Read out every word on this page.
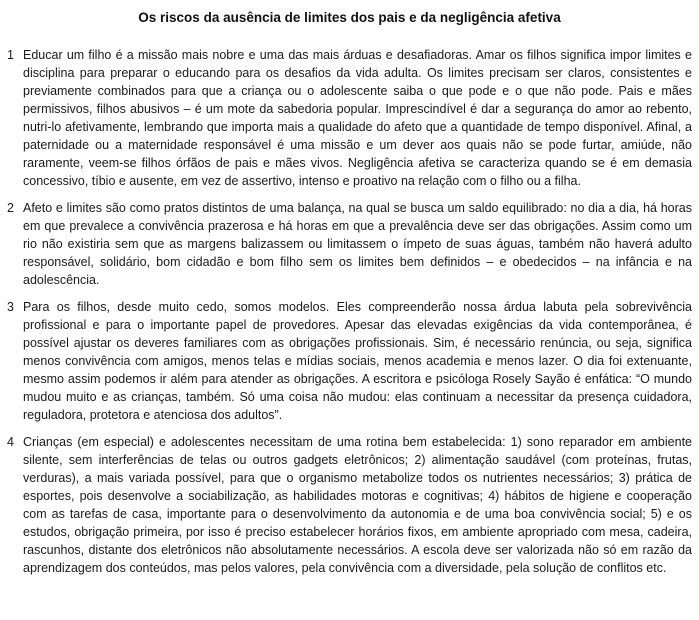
Os riscos da ausência de limites dos pais e da negligência afetiva
1 Educar um filho é a missão mais nobre e uma das mais árduas e desafiadoras. Amar os filhos significa impor limites e disciplina para preparar o educando para os desafios da vida adulta. Os limites precisam ser claros, consistentes e previamente combinados para que a criança ou o adolescente saiba o que pode e o que não pode. Pais e mães permissivos, filhos abusivos – é um mote da sabedoria popular. Imprescindível é dar a segurança do amor ao rebento, nutri-lo afetivamente, lembrando que importa mais a qualidade do afeto que a quantidade de tempo disponível. Afinal, a paternidade ou a maternidade responsável é uma missão e um dever aos quais não se pode furtar, amiúde, não raramente, veem-se filhos órfãos de pais e mães vivos. Negligência afetiva se caracteriza quando se é em demasia concessivo, tíbio e ausente, em vez de assertivo, intenso e proativo na relação com o filho ou a filha.
2 Afeto e limites são como pratos distintos de uma balança, na qual se busca um saldo equilibrado: no dia a dia, há horas em que prevalece a convivência prazerosa e há horas em que a prevalência deve ser das obrigações. Assim como um rio não existiria sem que as margens balizassem ou limitassem o ímpeto de suas águas, também não haverá adulto responsável, solidário, bom cidadão e bom filho sem os limites bem definidos – e obedecidos – na infância e na adolescência.
3 Para os filhos, desde muito cedo, somos modelos. Eles compreenderão nossa árdua labuta pela sobrevivência profissional e para o importante papel de provedores. Apesar das elevadas exigências da vida contemporânea, é possível ajustar os deveres familiares com as obrigações profissionais. Sim, é necessário renúncia, ou seja, significa menos convivência com amigos, menos telas e mídias sociais, menos academia e menos lazer. O dia foi extenuante, mesmo assim podemos ir além para atender as obrigações. A escritora e psicóloga Rosely Sayão é enfática: “O mundo mudou muito e as crianças, também. Só uma coisa não mudou: elas continuam a necessitar da presença cuidadora, reguladora, protetora e atenciosa dos adultos”.
4 Crianças (em especial) e adolescentes necessitam de uma rotina bem estabelecida: 1) sono reparador em ambiente silente, sem interferências de telas ou outros gadgets eletrônicos; 2) alimentação saudável (com proteínas, frutas, verduras), a mais variada possível, para que o organismo metabolize todos os nutrientes necessários; 3) prática de esportes, pois desenvolve a sociabilização, as habilidades motoras e cognitivas; 4) hábitos de higiene e cooperação com as tarefas de casa, importante para o desenvolvimento da autonomia e de uma boa convivência social; 5) e os estudos, obrigação primeira, por isso é preciso estabelecer horários fixos, em ambiente apropriado com mesa, cadeira, rascunhos, distante dos eletrônicos não absolutamente necessários. A escola deve ser valorizada não só em razão da aprendizagem dos conteúdos, mas pelos valores, pela convivência com a diversidade, pela solução de conflitos etc.
